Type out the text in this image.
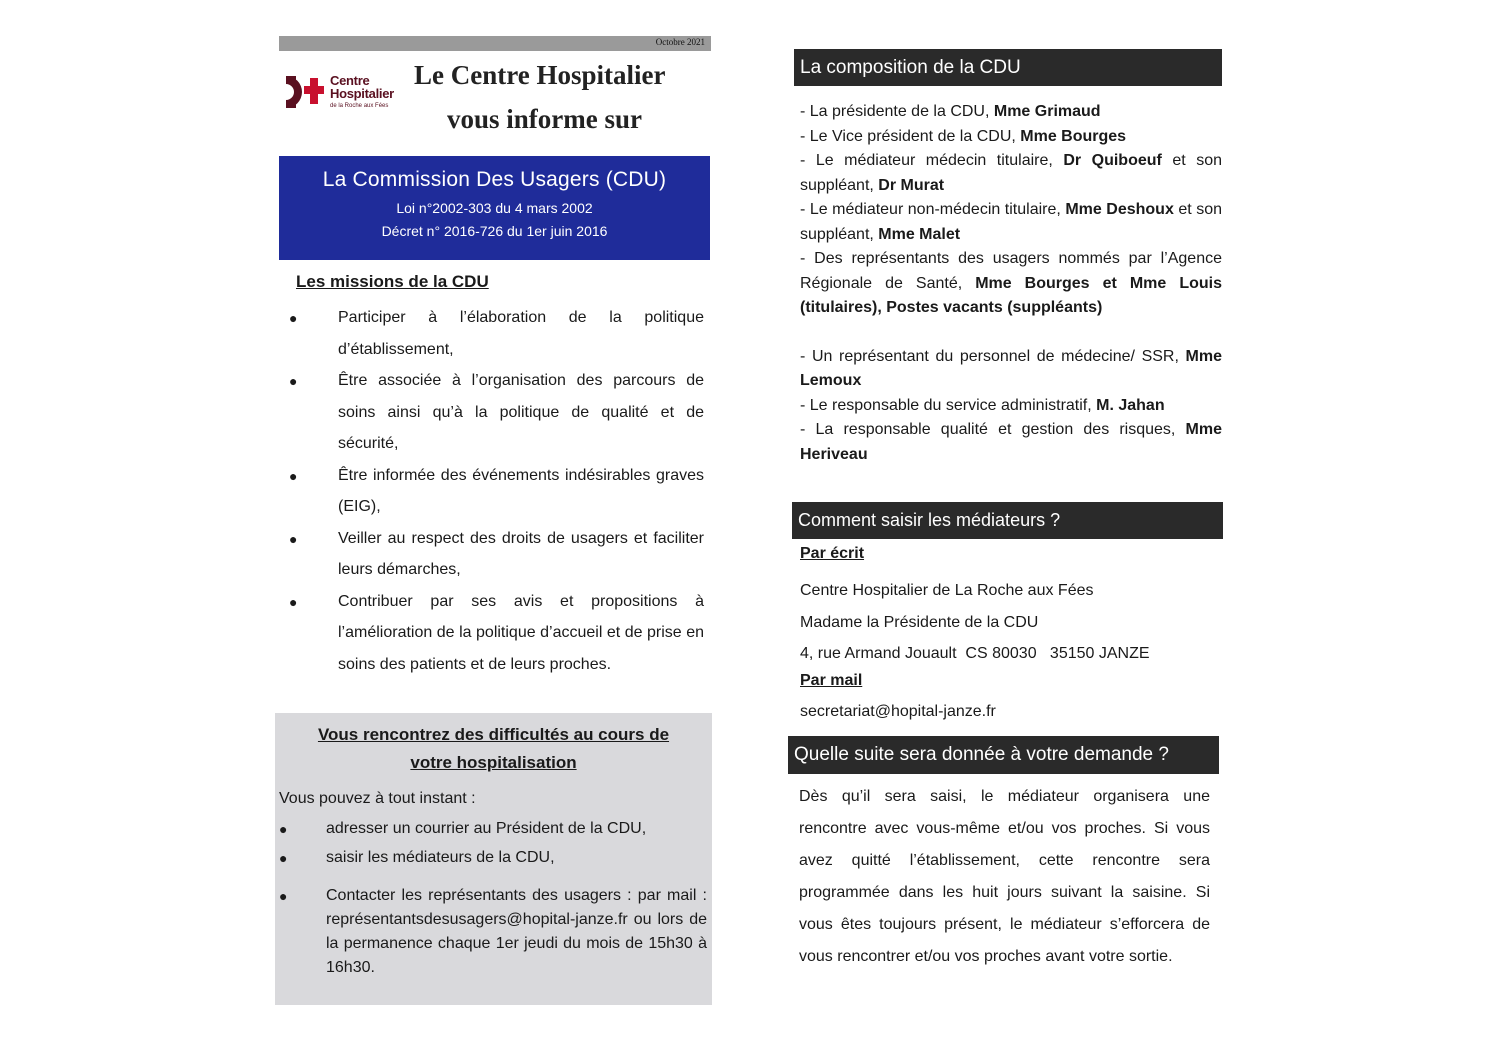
Octobre 2021
Centre
Hospitalier
de la Roche aux Fées
Le Centre Hospitalier
vous informe sur
La Commission Des Usagers (CDU)
Loi n°2002-303 du 4 mars 2002
Décret n° 2016-726 du 1er juin 2016
Les missions de la CDU
●	Participer à l’élaboration de la politique d’établissement,
●	Être associée à l’organisation des parcours de soins ainsi qu’à la politique de qualité et de sécurité,
●	Être informée des événements indésirables graves (EIG),
●	Veiller au respect des droits de usagers et faciliter leurs démarches,
●	Contribuer par ses avis et propositions à l’amélioration de la politique d’accueil et de prise en soins des patients et de leurs proches.
Vous rencontrez des difficultés au cours de
votre hospitalisation
Vous pouvez à tout instant :
● adresser un courrier au Président de la CDU,
● saisir les médiateurs de la CDU,
● Contacter les représentants des usagers : par mail : représentantsdesusagers@hopital-janze.fr ou lors de la permanence chaque 1er jeudi du mois de 15h30 à 16h30.
La composition de la CDU

- La présidente de la CDU, Mme Grimaud

- Le Vice président de la CDU, Mme Bourges

- Le médiateur médecin titulaire, Dr Quiboeuf et son suppléant, Dr Murat

- Le médiateur non-médecin titulaire, Mme Deshoux et son suppléant, Mme Malet

- Des représentants des usagers nommés par l’Agence Régionale de Santé, Mme Bourges et Mme Louis (titulaires), Postes vacants (suppléants)

- Un représentant du personnel de médecine/ SSR, Mme Lemoux

- Le responsable du service administratif, M. Jahan

- La responsable qualité et gestion des risques, Mme Heriveau

Comment saisir les médiateurs ?
Par écrit
Centre Hospitalier de La Roche aux Fées
Madame la Présidente de la CDU
4, rue Armand Jouault  CS 80030   35150 JANZE
Par mail
secretariat@hopital-janze.fr
Quelle suite sera donnée à votre demande ?
Dès qu’il sera saisi, le médiateur organisera une rencontre avec vous-même et/ou vos proches. Si vous avez quitté l’établissement, cette rencontre sera programmée dans les huit jours suivant la saisine. Si vous êtes toujours présent, le médiateur s’efforcera de vous rencontrer et/ou vos proches avant votre sortie.
